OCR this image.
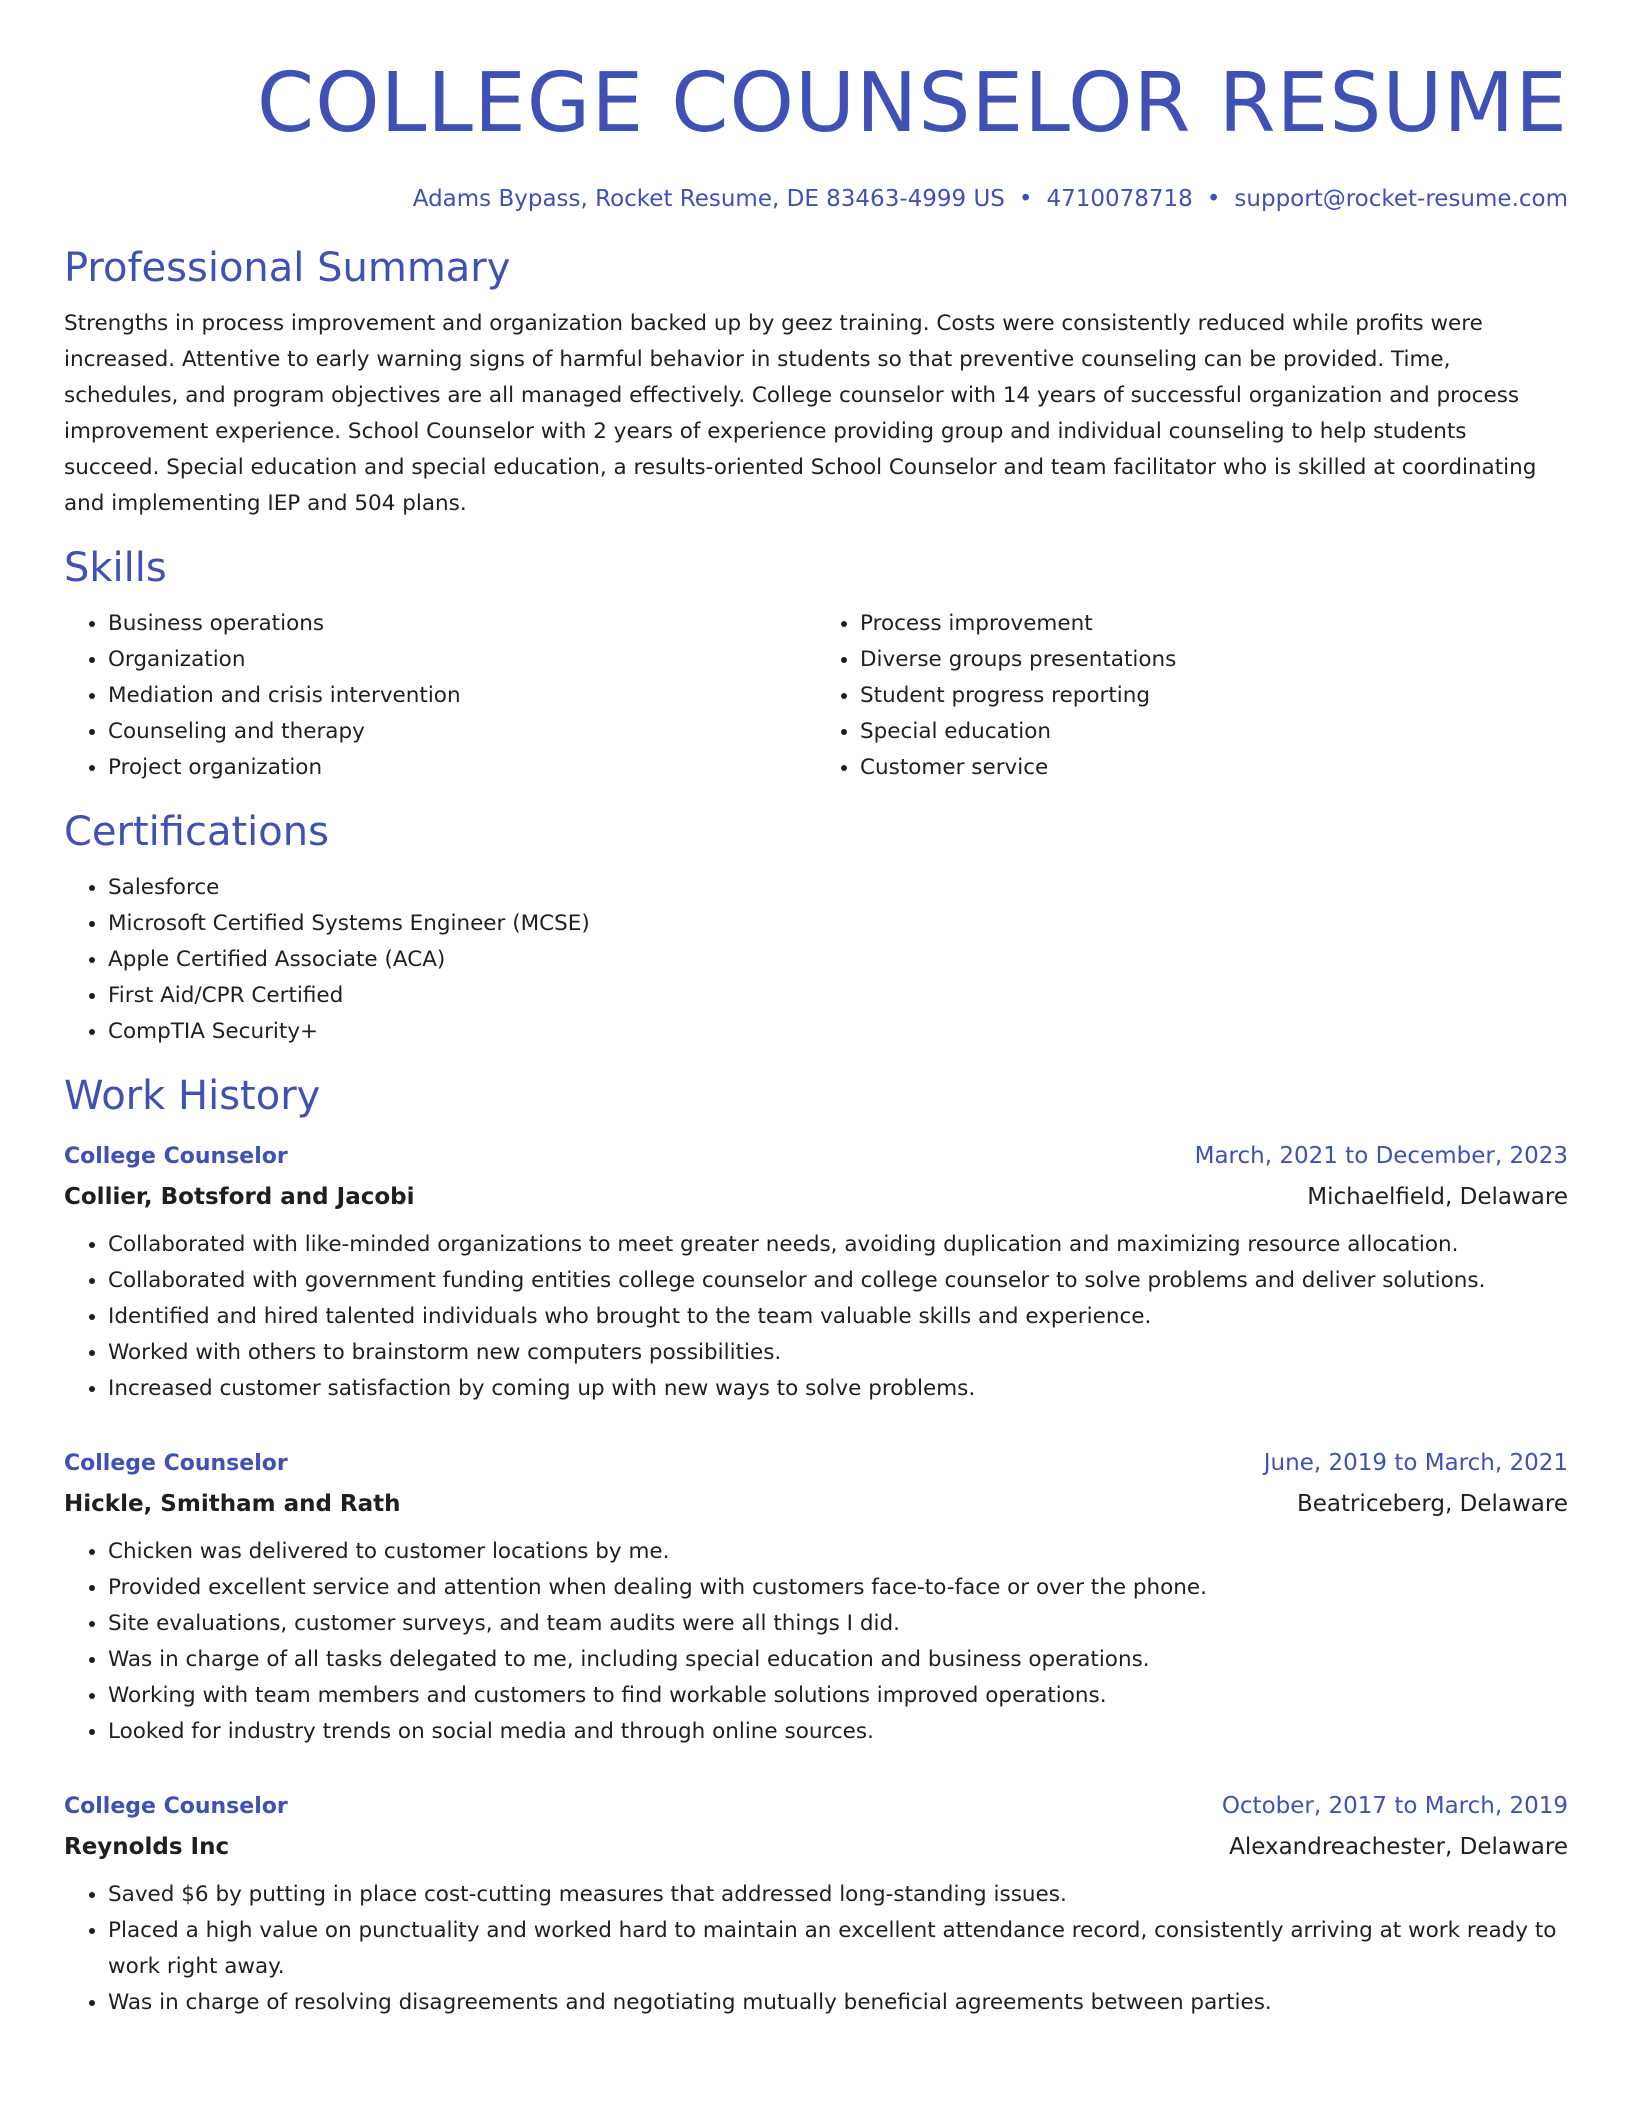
COLLEGE COUNSELOR RESUME
Adams Bypass, Rocket Resume, DE 83463-4999 US • 4710078718 • support@rocket-resume.com
Professional Summary

Strengths in process improvement and organization backed up by geez training. Costs were consistently reduced while profits were increased. Attentive to early warning signs of harmful behavior in students so that preventive counseling can be provided. Time, schedules, and program objectives are all managed effectively. College counselor with 14 years of successful organization and process improvement experience. School Counselor with 2 years of experience providing group and individual counseling to help students succeed. Special education and special education, a results-oriented School Counselor and team facilitator who is skilled at coordinating and implementing IEP and 504 plans.

Skills
• Business operations
• Organization
• Mediation and crisis intervention
• Counseling and therapy
• Project organization
• Process improvement
• Diverse groups presentations
• Student progress reporting
• Special education
• Customer service
Certifications
• Salesforce
• Microsoft Certified Systems Engineer (MCSE)
• Apple Certified Associate (ACA)
• First Aid/CPR Certified
• CompTIA Security+
Work History
College Counselor	March, 2021 to December, 2023
Collier, Botsford and Jacobi	Michaelfield, Delaware
• Collaborated with like-minded organizations to meet greater needs, avoiding duplication and maximizing resource allocation.
• Collaborated with government funding entities college counselor and college counselor to solve problems and deliver solutions.
• Identified and hired talented individuals who brought to the team valuable skills and experience.
• Worked with others to brainstorm new computers possibilities.
• Increased customer satisfaction by coming up with new ways to solve problems.
College Counselor	June, 2019 to March, 2021
Hickle, Smitham and Rath	Beatriceberg, Delaware
• Chicken was delivered to customer locations by me.
• Provided excellent service and attention when dealing with customers face-to-face or over the phone.
• Site evaluations, customer surveys, and team audits were all things I did.
• Was in charge of all tasks delegated to me, including special education and business operations.
• Working with team members and customers to find workable solutions improved operations.
• Looked for industry trends on social media and through online sources.
College Counselor	October, 2017 to March, 2019
Reynolds Inc	Alexandreachester, Delaware
• Saved $6 by putting in place cost-cutting measures that addressed long-standing issues.
• Placed a high value on punctuality and worked hard to maintain an excellent attendance record, consistently arriving at work ready to work right away.
• Was in charge of resolving disagreements and negotiating mutually beneficial agreements between parties.
